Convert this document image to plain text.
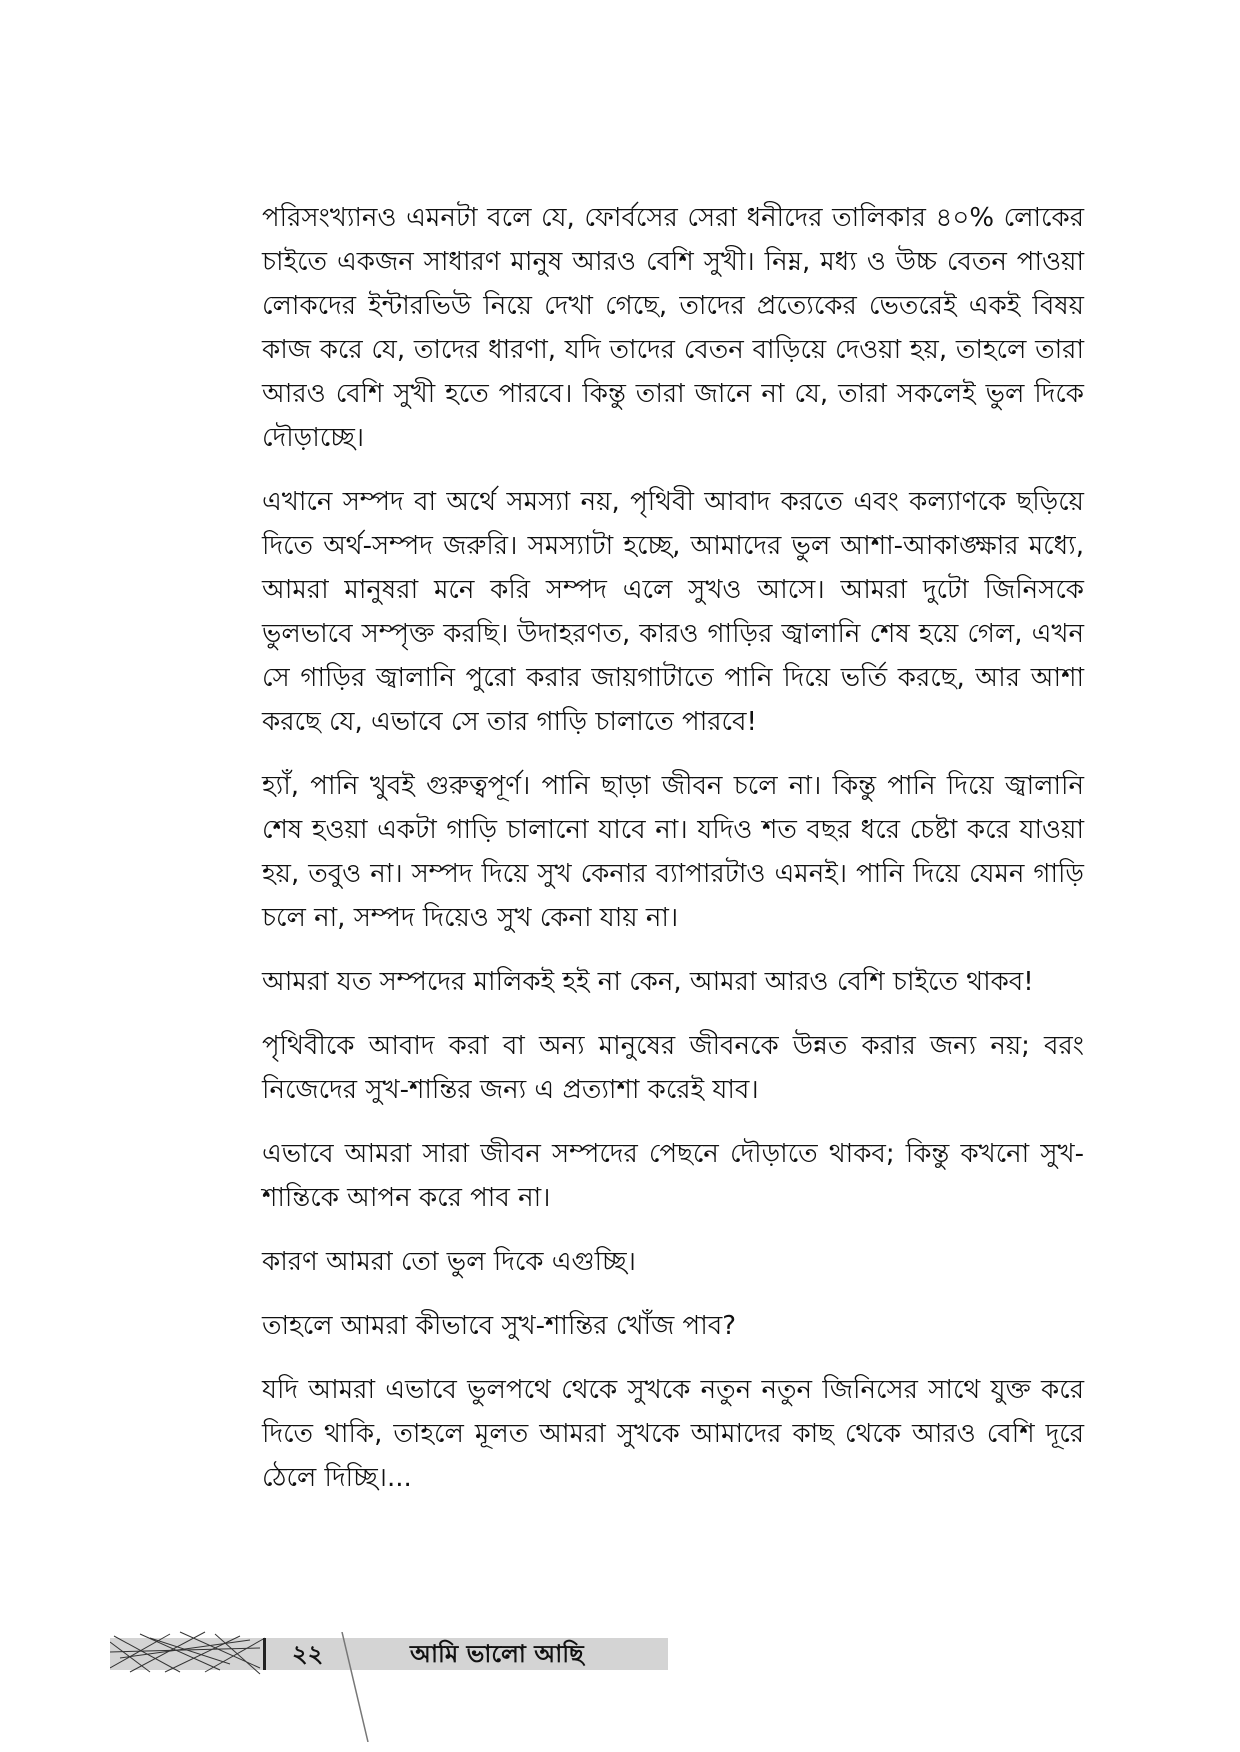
পরিসংখ্যানও এমনটা বলে যে, ফোর্বসের সেরা ধনীদের তালিকার ৪০% লোকের চাইতে একজন সাধারণ মানুষ আরও বেশি সুখী। নিম্ন, মধ্য ও উচ্চ বেতন পাওয়া লোকদের ইন্টারভিউ নিয়ে দেখা গেছে, তাদের প্রত্যেকের ভেতরেই একই বিষয় কাজ করে যে, তাদের ধারণা, যদি তাদের বেতন বাড়িয়ে দেওয়া হয়, তাহলে তারা আরও বেশি সুখী হতে পারবে। কিন্তু তারা জানে না যে, তারা সকলেই ভুল দিকে দৌড়াচ্ছে।

এখানে সম্পদ বা অর্থে সমস্যা নয়, পৃথিবী আবাদ করতে এবং কল্যাণকে ছড়িয়ে দিতে অর্থ-সম্পদ জরুরি। সমস্যাটা হচ্ছে, আমাদের ভুল আশা-আকাঙ্ক্ষার মধ্যে, আমরা মানুষরা মনে করি সম্পদ এলে সুখও আসে। আমরা দুটো জিনিসকে ভুলভাবে সম্পৃক্ত করছি। উদাহরণত, কারও গাড়ির জ্বালানি শেষ হয়ে গেল, এখন সে গাড়ির জ্বালানি পুরো করার জায়গাটাতে পানি দিয়ে ভর্তি করছে, আর আশা করছে যে, এভাবে সে তার গাড়ি চালাতে পারবে!

হ্যাঁ, পানি খুবই গুরুত্বপূর্ণ। পানি ছাড়া জীবন চলে না। কিন্তু পানি দিয়ে জ্বালানি শেষ হওয়া একটা গাড়ি চালানো যাবে না। যদিও শত বছর ধরে চেষ্টা করে যাওয়া হয়, তবুও না। সম্পদ দিয়ে সুখ কেনার ব্যাপারটাও এমনই। পানি দিয়ে যেমন গাড়ি চলে না, সম্পদ দিয়েও সুখ কেনা যায় না।

আমরা যত সম্পদের মালিকই হই না কেন, আমরা আরও বেশি চাইতে থাকব!

পৃথিবীকে আবাদ করা বা অন্য মানুষের জীবনকে উন্নত করার জন্য নয়; বরং নিজেদের সুখ-শান্তির জন্য এ প্রত্যাশা করেই যাব।

এভাবে আমরা সারা জীবন সম্পদের পেছনে দৌড়াতে থাকব; কিন্তু কখনো সুখ-শান্তিকে আপন করে পাব না।

কারণ আমরা তো ভুল দিকে এগুচ্ছি।

তাহলে আমরা কীভাবে সুখ-শান্তির খোঁজ পাব?

যদি আমরা এভাবে ভুলপথে থেকে সুখকে নতুন নতুন জিনিসের সাথে যুক্ত করে দিতে থাকি, তাহলে মূলত আমরা সুখকে আমাদের কাছ থেকে আরও বেশি দূরে ঠেলে দিচ্ছি।...

২২	আমি ভালো আছি
